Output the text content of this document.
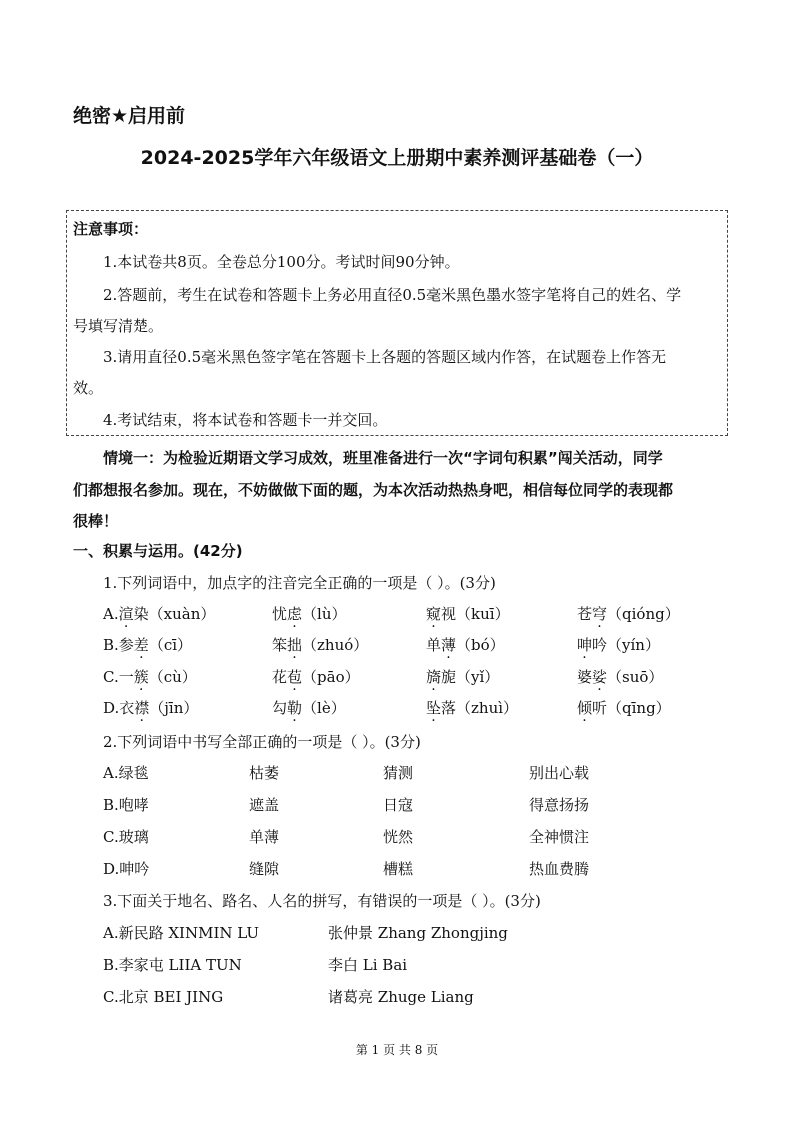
绝密★启用前
2024-2025学年六年级语文上册期中素养测评基础卷（一）
注意事项：
1.本试卷共8页。全卷总分100分。考试时间90分钟。
2.答题前，考生在试卷和答题卡上务必用直径0.5毫米黑色墨水签字笔将自己的姓名、学
号填写清楚。
3.请用直径0.5毫米黑色签字笔在答题卡上各题的答题区域内作答，在试题卷上作答无
效。
4.考试结束，将本试卷和答题卡一并交回。
情境一：为检验近期语文学习成效，班里准备进行一次“字词句积累”闯关活动，同学
们都想报名参加。现在，不妨做做下面的题，为本次活动热热身吧，相信每位同学的表现都
很棒！
一、积累与运用。(42分)
1.下列词语中，加点字的注音完全正确的一项是（ ）。(3分)
A.渲染（xuàn）	忧虑（lù）	窥视（kuī）	苍穹（qióng）
B.参差（cī）	笨拙（zhuó）	单薄（bó）	呻吟（yín）
C.一簇（cù）	花苞（pāo）	旖旎（yǐ）	婆娑（suō）
D.衣襟（jīn）	勾勒（lè）	坠落（zhuì）	倾听（qīng）
2.下列词语中书写全部正确的一项是（ ）。(3分)
A.绿毯	枯萎	猜测	别出心载
B.咆哮	遮盖	日寇	得意扬扬
C.玻璃	单薄	恍然	全神惯注
D.呻吟	缝隙	槽糕	热血费腾
3.下面关于地名、路名、人名的拼写，有错误的一项是（ ）。(3分)
A.新民路 XINMIN LU	张仲景 Zhang Zhongjing
B.李家屯 LIIA TUN	李白 Li Bai
C.北京 BEI JING	诸葛亮 Zhuge Liang
第 1 页 共 8 页
